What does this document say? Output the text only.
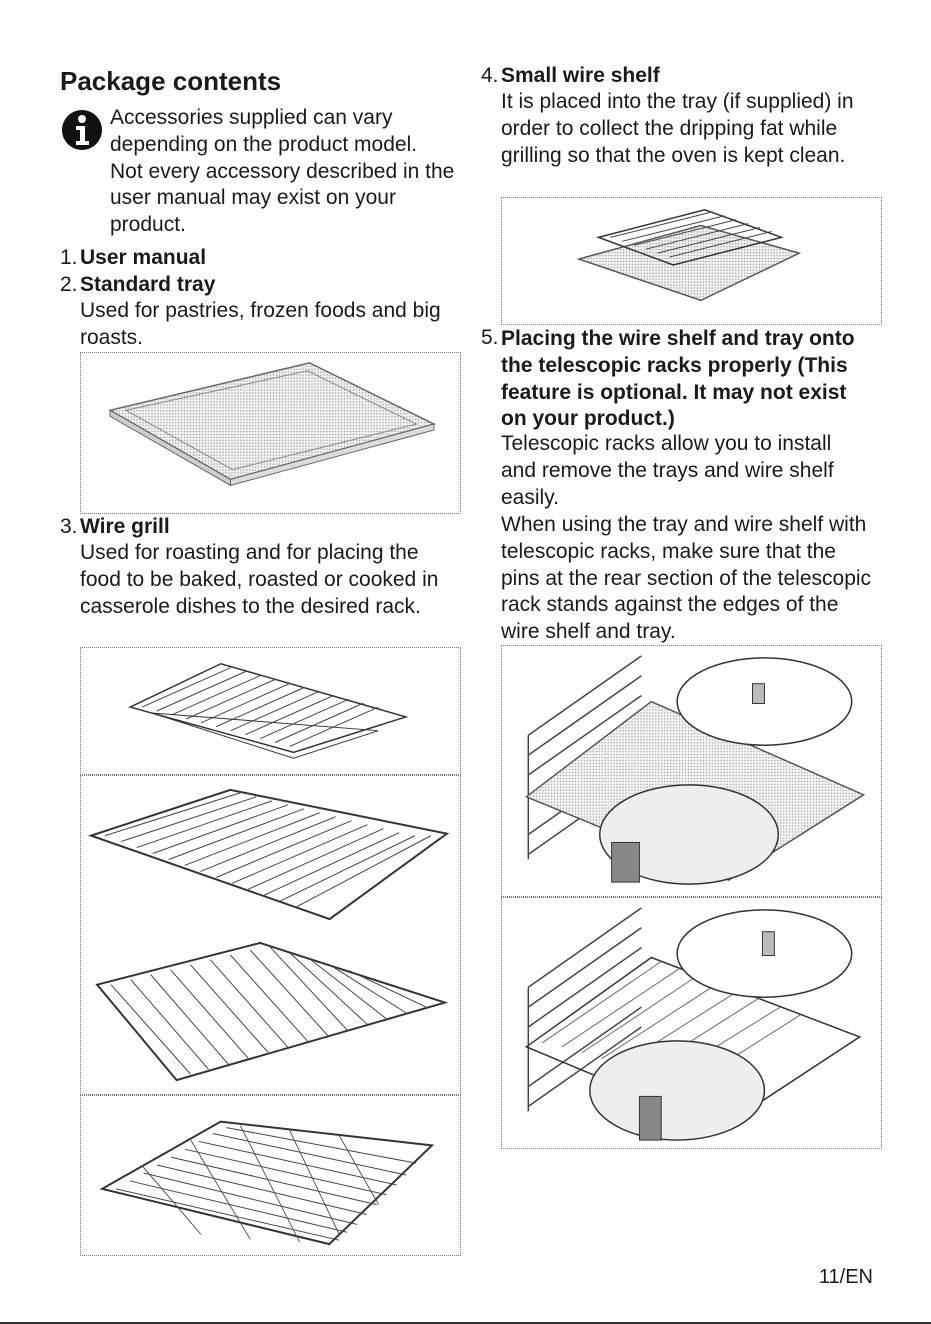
Package contents
Accessories supplied can vary depending on the product model. Not every accessory described in the user manual may exist on your product.
1. User manual
2. Standard tray
Used for pastries, frozen foods and big roasts.
3. Wire grill
Used for roasting and for placing the food to be baked, roasted or cooked in casserole dishes to the desired rack.
4. Small wire shelf
It is placed into the tray (if supplied) in order to collect the dripping fat while grilling so that the oven is kept clean.
5. Placing the wire shelf and tray onto the telescopic racks properly (This feature is optional. It may not exist on your product.)
Telescopic racks allow you to install and remove the trays and wire shelf easily.
When using the tray and wire shelf with telescopic racks, make sure that the pins at the rear section of the telescopic rack stands against the edges of the wire shelf and tray.
11/EN
